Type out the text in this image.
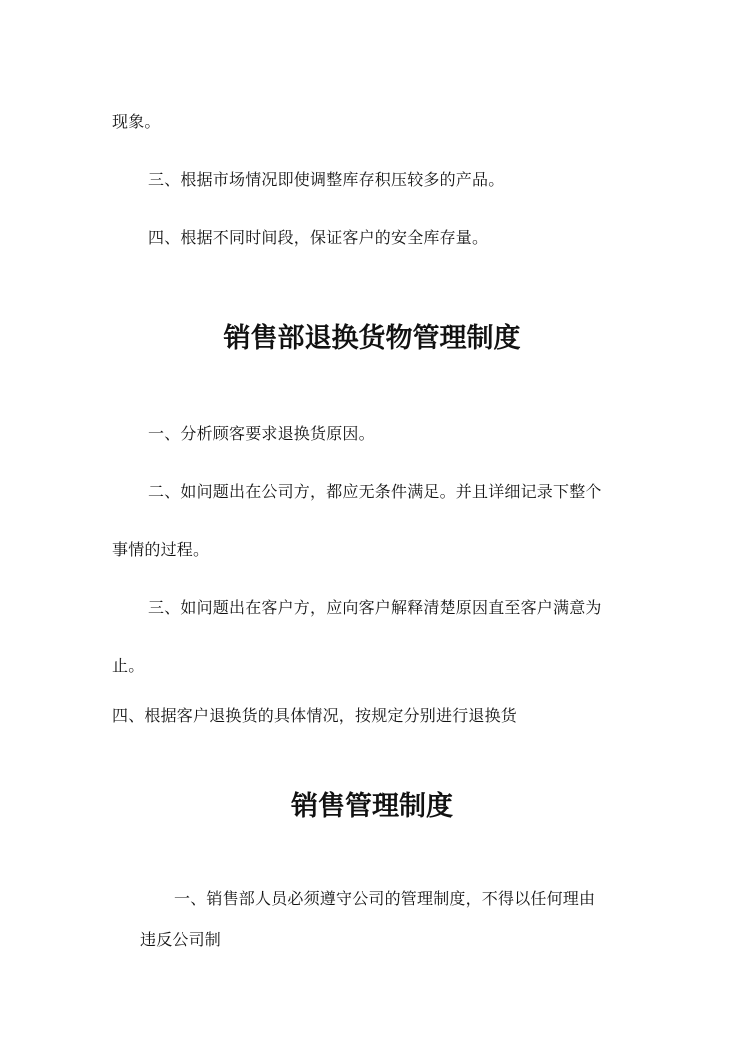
现象。
三、根据市场情况即使调整库存积压较多的产品。
四、根据不同时间段，保证客户的安全库存量。
销售部退换货物管理制度
一、分析顾客要求退换货原因。
二、如问题出在公司方，都应无条件满足。并且详细记录下整个
事情的过程。
三、如问题出在客户方，应向客户解释清楚原因直至客户满意为
止。
四、根据客户退换货的具体情况，按规定分别进行退换货
销售管理制度
一、销售部人员必须遵守公司的管理制度，不得以任何理由
违反公司制
